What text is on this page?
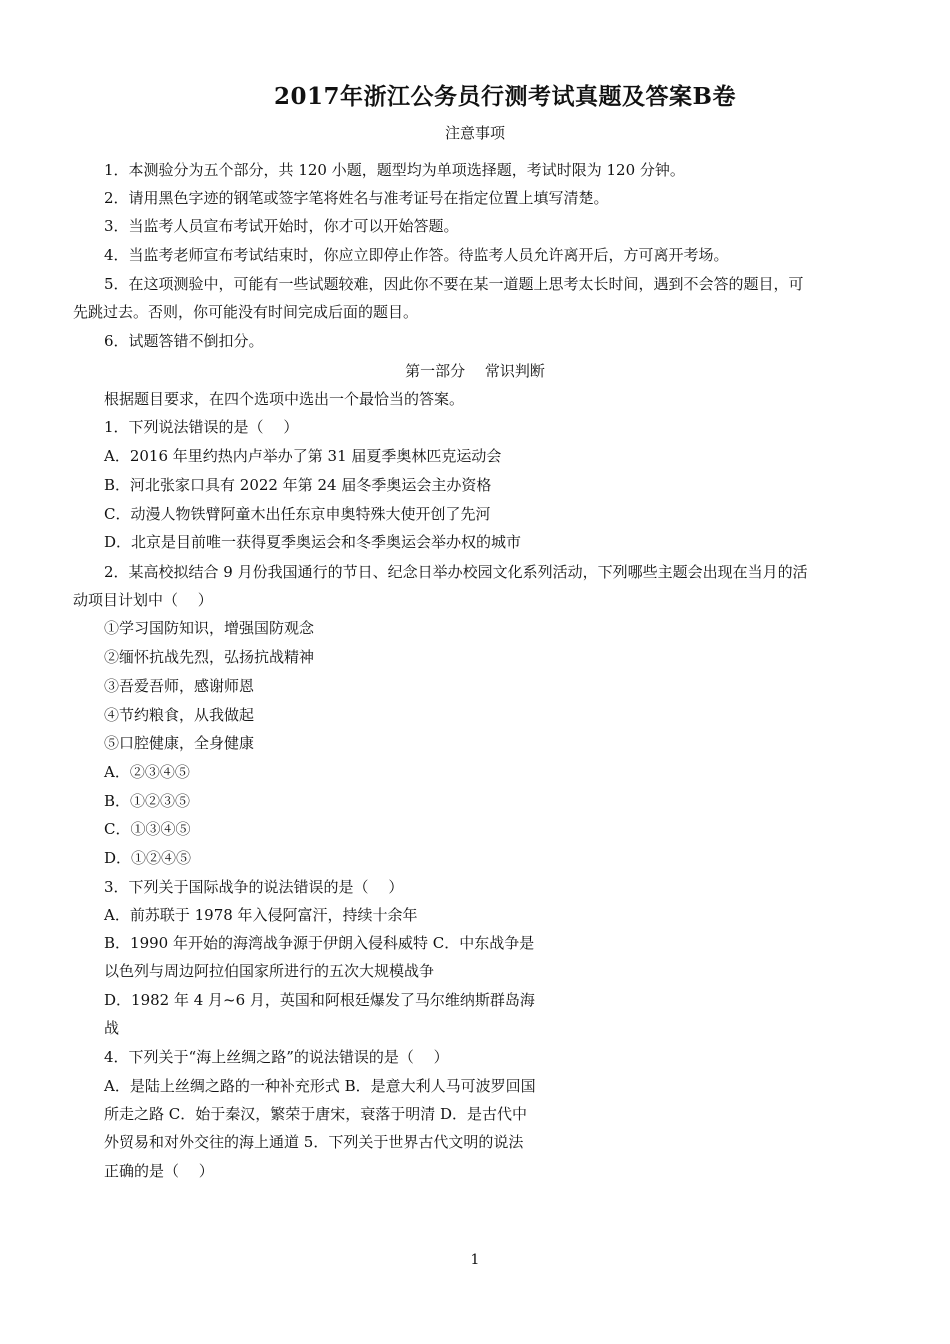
2017年浙江公务员行测考试真题及答案B卷
注意事项
1．本测验分为五个部分，共 120 小题，题型均为单项选择题，考试时限为 120 分钟。
2．请用黑色字迹的钢笔或签字笔将姓名与准考证号在指定位置上填写清楚。
3．当监考人员宣布考试开始时，你才可以开始答题。
4．当监考老师宣布考试结束时，你应立即停止作答。待监考人员允许离开后，方可离开考场。
5．在这项测验中，可能有一些试题较难，因此你不要在某一道题上思考太长时间，遇到不会答的题目，可
先跳过去。否则，你可能没有时间完成后面的题目。
6．试题答错不倒扣分。
第一部分　 常识判断
根据题目要求，在四个选项中选出一个最恰当的答案。
1．下列说法错误的是（　 ）
A．2016 年里约热内卢举办了第 31 届夏季奥林匹克运动会
B．河北张家口具有 2022 年第 24 届冬季奥运会主办资格
C．动漫人物铁臂阿童木出任东京申奥特殊大使开创了先河
D．北京是目前唯一获得夏季奥运会和冬季奥运会举办权的城市
2．某高校拟结合 9 月份我国通行的节日、纪念日举办校园文化系列活动，下列哪些主题会出现在当月的活
动项目计划中（　 ）
①学习国防知识，增强国防观念
②缅怀抗战先烈，弘扬抗战精神
③吾爱吾师，感谢师恩
④节约粮食，从我做起
⑤口腔健康，全身健康
A．②③④⑤
B．①②③⑤
C．①③④⑤
D．①②④⑤
3．下列关于国际战争的说法错误的是（　 ）
A．前苏联于 1978 年入侵阿富汗，持续十余年
B．1990 年开始的海湾战争源于伊朗入侵科威特 C．中东战争是
以色列与周边阿拉伯国家所进行的五次大规模战争
D．1982 年 4 月~6 月，英国和阿根廷爆发了马尔维纳斯群岛海
战
4．下列关于“海上丝绸之路”的说法错误的是（　 ）
A．是陆上丝绸之路的一种补充形式 B．是意大利人马可波罗回国
所走之路 C．始于秦汉，繁荣于唐宋，衰落于明清 D．是古代中
外贸易和对外交往的海上通道 5．下列关于世界古代文明的说法
正确的是（　 ）
1
